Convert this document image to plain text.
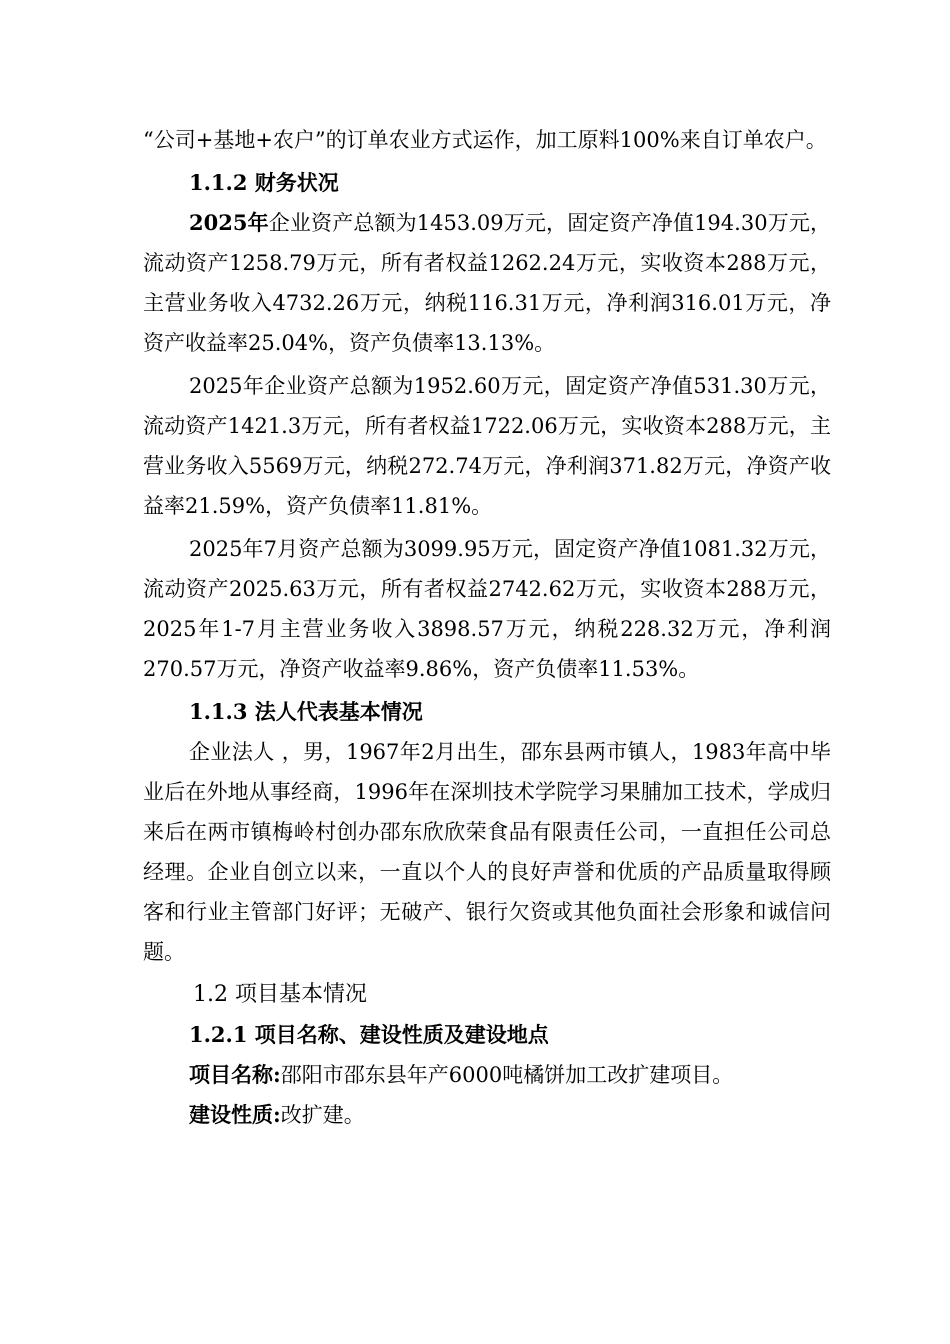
“公司+基地+农户”的订单农业方式运作，加工原料100%来自订单农户。

1.1.2 财务状况

2025年企业资产总额为1453.09万元，固定资产净值194.30万元，流动资产1258.79万元，所有者权益1262.24万元，实收资本288万元，主营业务收入4732.26万元，纳税116.31万元，净利润316.01万元，净资产收益率25.04%，资产负债率13.13%。

2025年企业资产总额为1952.60万元，固定资产净值531.30万元，流动资产1421.3万元，所有者权益1722.06万元，实收资本288万元，主营业务收入5569万元，纳税272.74万元，净利润371.82万元，净资产收益率21.59%，资产负债率11.81%。

2025年7月资产总额为3099.95万元，固定资产净值1081.32万元，流动资产2025.63万元，所有者权益2742.62万元，实收资本288万元，2025年1-7月主营业务收入3898.57万元，纳税228.32万元，净利润270.57万元，净资产收益率9.86%，资产负债率11.53%。

1.1.3 法人代表基本情况

企业法人 ，男，1967年2月出生，邵东县两市镇人，1983年高中毕业后在外地从事经商，1996年在深圳技术学院学习果脯加工技术，学成归来后在两市镇梅岭村创办邵东欣欣荣食品有限责任公司，一直担任公司总经理。企业自创立以来，一直以个人的良好声誉和优质的产品质量取得顾客和行业主管部门好评；无破产、银行欠资或其他负面社会形象和诚信问题。

1.2 项目基本情况

1.2.1 项目名称、建设性质及建设地点

项目名称:邵阳市邵东县年产6000吨橘饼加工改扩建项目。

建设性质:改扩建。
